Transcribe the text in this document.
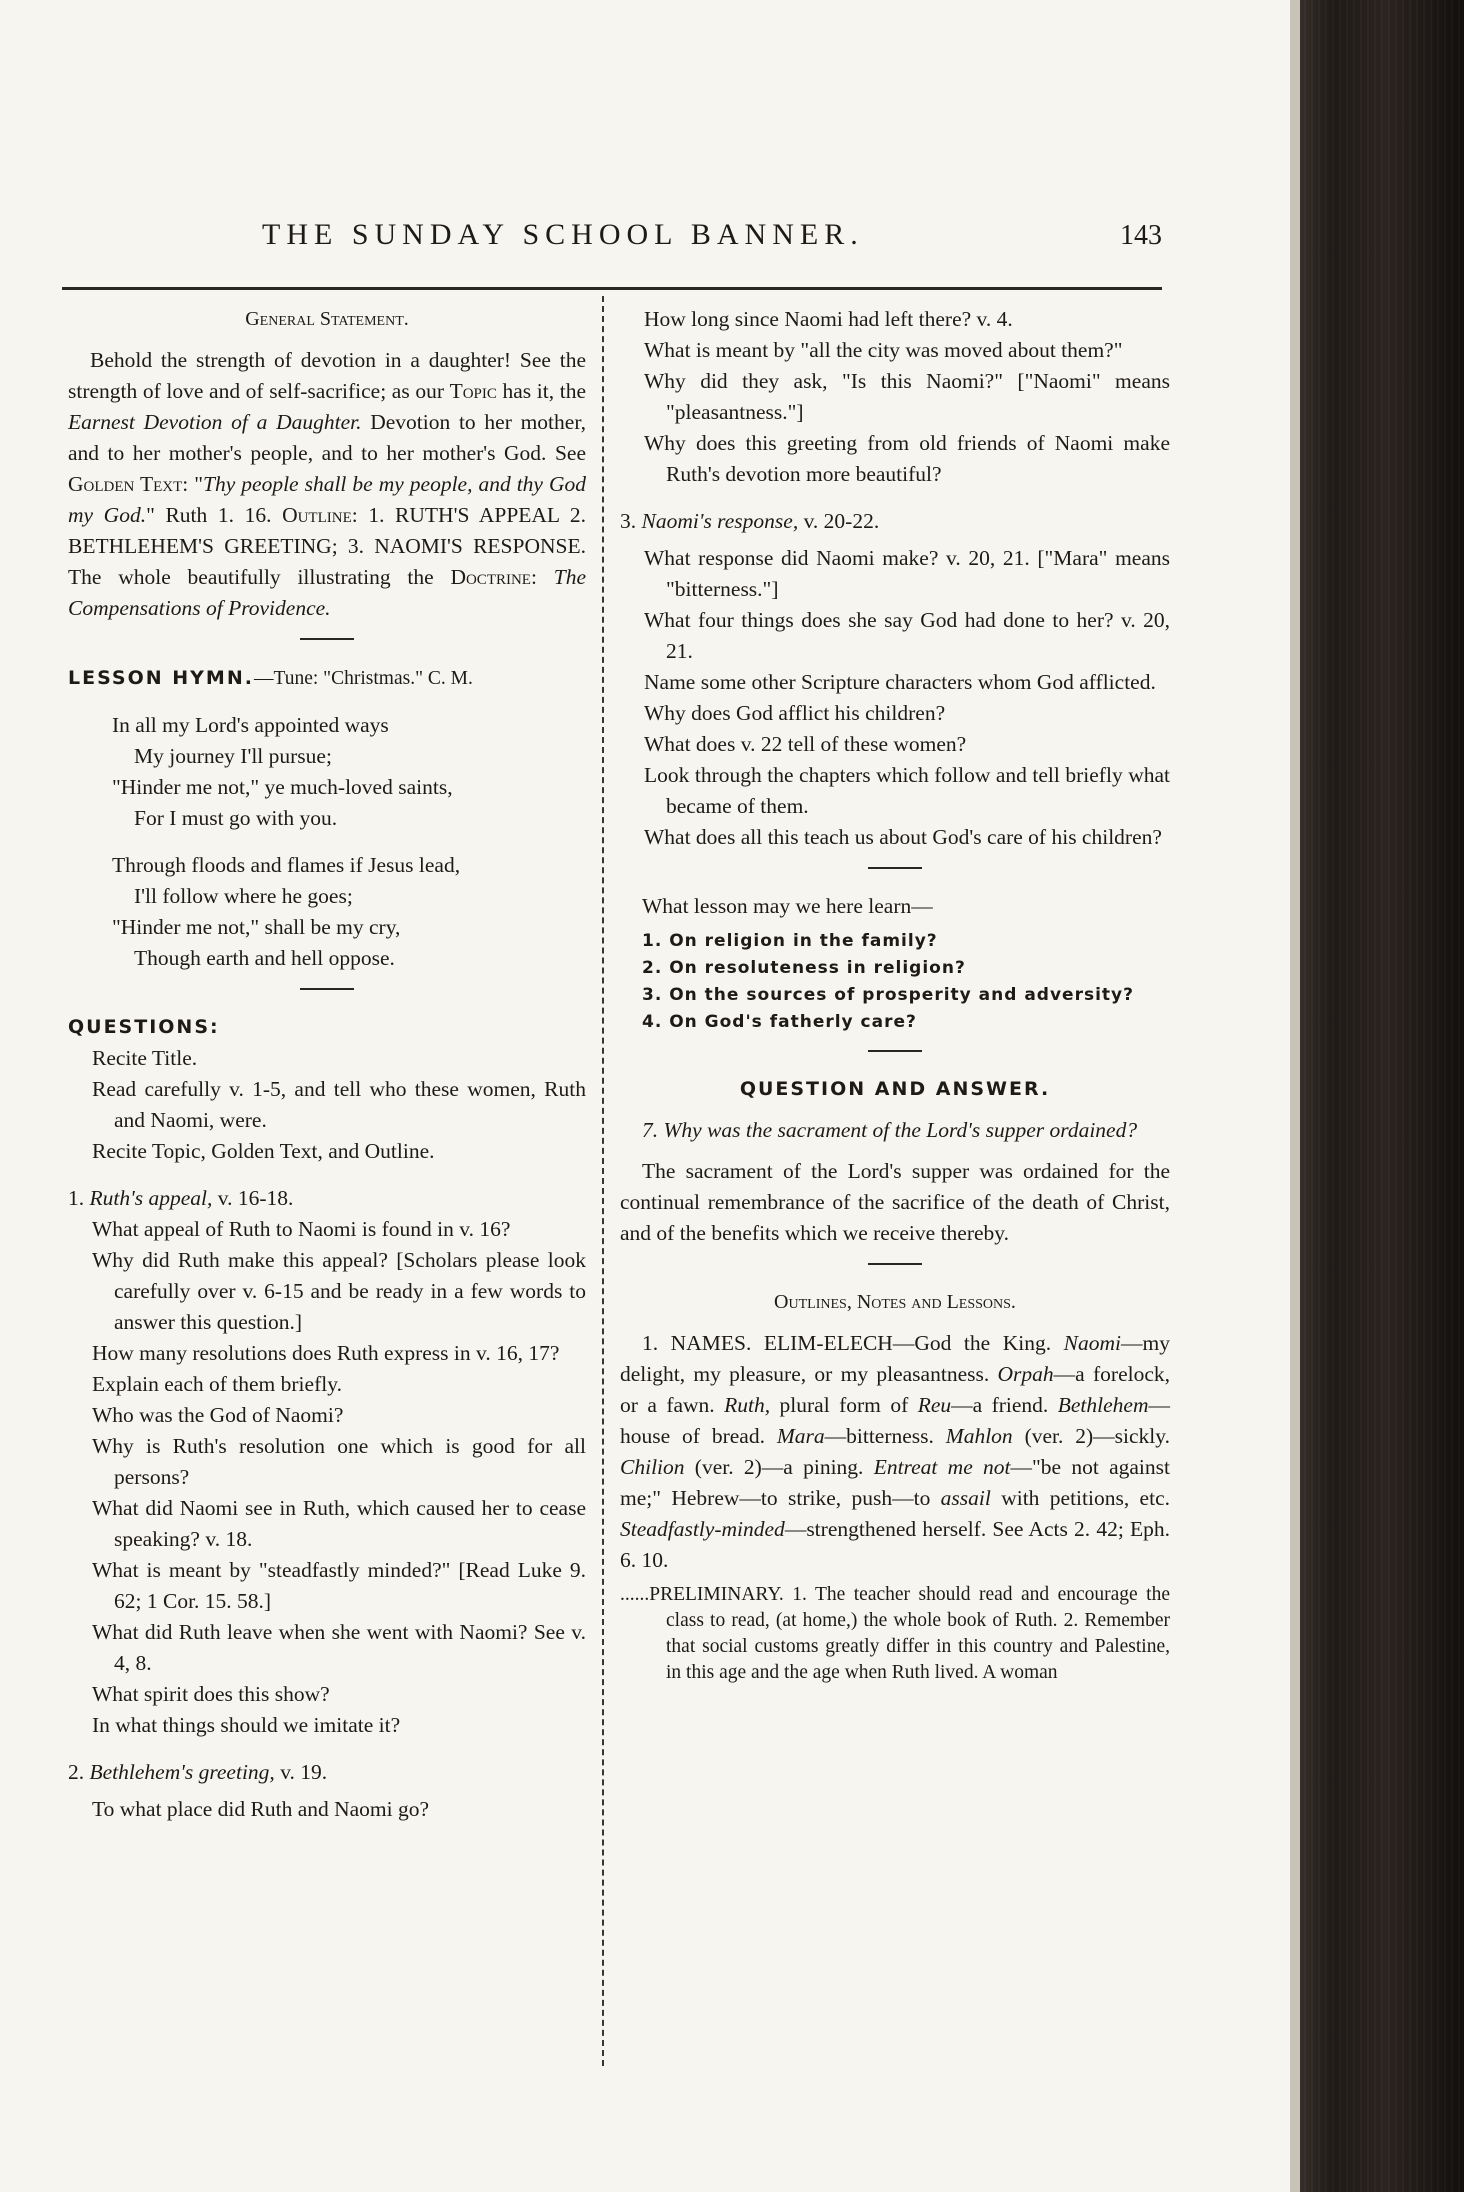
THE SUNDAY SCHOOL BANNER.	143

General Statement.

Behold the strength of devotion in a daughter! See the strength of love and of self-sacrifice; as our Topic has it, the Earnest Devotion of a Daughter. Devotion to her mother, and to her mother's people, and to her mother's God. See Golden Text: "Thy people shall be my people, and thy God my God." Ruth 1. 16. Outline: 1. RUTH'S APPEAL 2. BETHLEHEM'S GREETING; 3. NAOMI'S RESPONSE. The whole beautifully illustrating the Doctrine: The Compensations of Providence.

LESSON HYMN.—Tune: "Christmas." C. M.

In all my Lord's appointed ways

My journey I'll pursue;

"Hinder me not," ye much-loved saints,

For I must go with you.

Through floods and flames if Jesus lead,

I'll follow where he goes;

"Hinder me not," shall be my cry,

Though earth and hell oppose.

QUESTIONS:

Recite Title.

Read carefully v. 1-5, and tell who these women, Ruth and Naomi, were.

Recite Topic, Golden Text, and Outline.

1. Ruth's appeal, v. 16-18.

What appeal of Ruth to Naomi is found in v. 16?

Why did Ruth make this appeal? [Scholars please look carefully over v. 6-15 and be ready in a few words to answer this question.]

How many resolutions does Ruth express in v. 16, 17?

Explain each of them briefly.

Who was the God of Naomi?

Why is Ruth's resolution one which is good for all persons?

What did Naomi see in Ruth, which caused her to cease speaking? v. 18.

What is meant by "steadfastly minded?" [Read Luke 9. 62; 1 Cor. 15. 58.]

What did Ruth leave when she went with Naomi? See v. 4, 8.

What spirit does this show?

In what things should we imitate it?

2. Bethlehem's greeting, v. 19.

To what place did Ruth and Naomi go?

How long since Naomi had left there? v. 4.

What is meant by "all the city was moved about them?"

Why did they ask, "Is this Naomi?" ["Naomi" means "pleasantness."]

Why does this greeting from old friends of Naomi make Ruth's devotion more beautiful?

3. Naomi's response, v. 20-22.

What response did Naomi make? v. 20, 21. ["Mara" means "bitterness."]

What four things does she say God had done to her? v. 20, 21.

Name some other Scripture characters whom God afflicted.

Why does God afflict his children?

What does v. 22 tell of these women?

Look through the chapters which follow and tell briefly what became of them.

What does all this teach us about God's care of his children?

What lesson may we here learn—

1. On religion in the family?

2. On resoluteness in religion?

3. On the sources of prosperity and adversity?

4. On God's fatherly care?

QUESTION AND ANSWER.

7. Why was the sacrament of the Lord's supper ordained?

The sacrament of the Lord's supper was ordained for the continual remembrance of the sacrifice of the death of Christ, and of the benefits which we receive thereby.

Outlines, Notes and Lessons.

1. NAMES. ELIM-ELECH—God the King. Naomi—my delight, my pleasure, or my pleasantness. Orpah—a forelock, or a fawn. Ruth, plural form of Reu—a friend. Bethlehem—house of bread. Mara—bitterness. Mahlon (ver. 2)—sickly. Chilion (ver. 2)—a pining. Entreat me not—"be not against me;" Hebrew—to strike, push—to assail with petitions, etc. Steadfastly-minded—strengthened herself. See Acts 2. 42; Eph. 6. 10.

......PRELIMINARY. 1. The teacher should read and encourage the class to read, (at home,) the whole book of Ruth. 2. Remember that social customs greatly differ in this country and Palestine, in this age and the age when Ruth lived. A woman
